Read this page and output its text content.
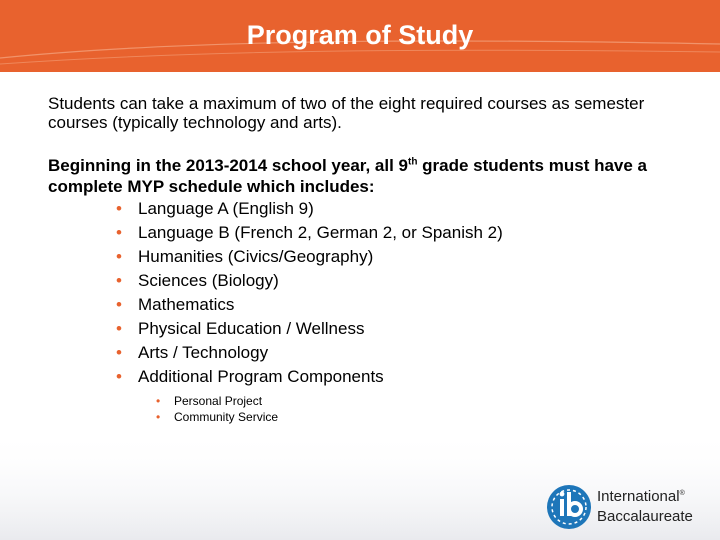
Program of Study

Students can take a maximum of two of the eight required courses as semester courses (typically technology and arts).

Beginning in the 2013-2014 school year, all 9th grade students must have a complete MYP schedule which includes:

• Language A (English 9)
• Language B (French 2, German 2, or Spanish 2)
• Humanities (Civics/Geography)
• Sciences (Biology)
• Mathematics
• Physical Education / Wellness
• Arts / Technology
• Additional Program Components
• Personal Project
• Community Service
International®
Baccalaureate
